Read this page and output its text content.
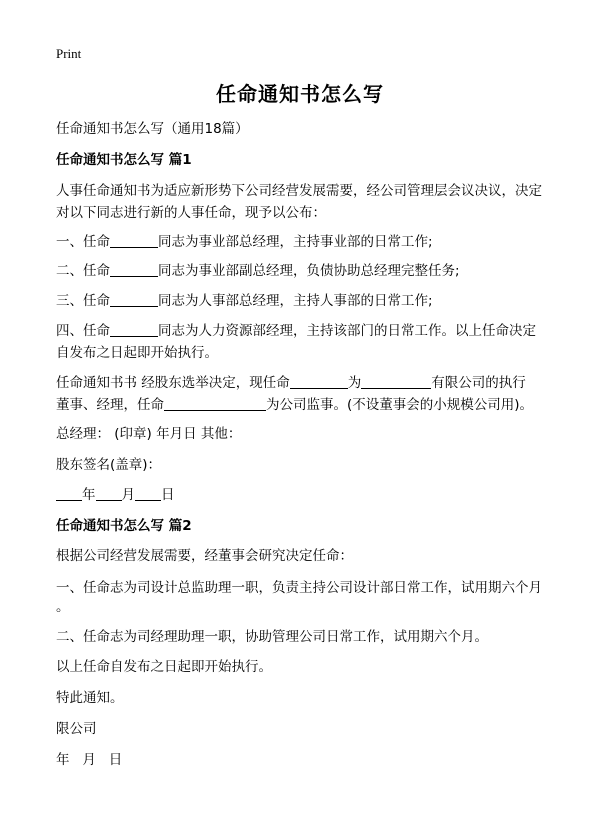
Print
任命通知书怎么写
任命通知书怎么写（通用18篇）
任命通知书怎么写 篇1
人事任命通知书为适应新形势下公司经营发展需要，经公司管理层会议决议，决定
对以下同志进行新的人事任命，现予以公布：
一、任命	同志为事业部总经理，主持事业部的日常工作;
二、任命	同志为事业部副总经理，负债协助总经理完整任务;
三、任命	同志为人事部总经理，主持人事部的日常工作;
四、任命	同志为人力资源部经理，主持该部门的日常工作。以上任命决定
自发布之日起即开始执行。
任命通知书书 经股东选举决定，现任命	为	有限公司的执行
董事、经理，任命	为公司监事。(不设董事会的小规模公司用)。
总经理： (印章) 年月日 其他：
股东签名(盖章)：
年 月 日
任命通知书怎么写 篇2
根据公司经营发展需要，经董事会研究决定任命：
一、任命志为司设计总监助理一职，负责主持公司设计部日常工作，试用期六个月
。
二、任命志为司经理助理一职，协助管理公司日常工作，试用期六个月。
以上任命自发布之日起即开始执行。
特此通知。
限公司
年   月   日
